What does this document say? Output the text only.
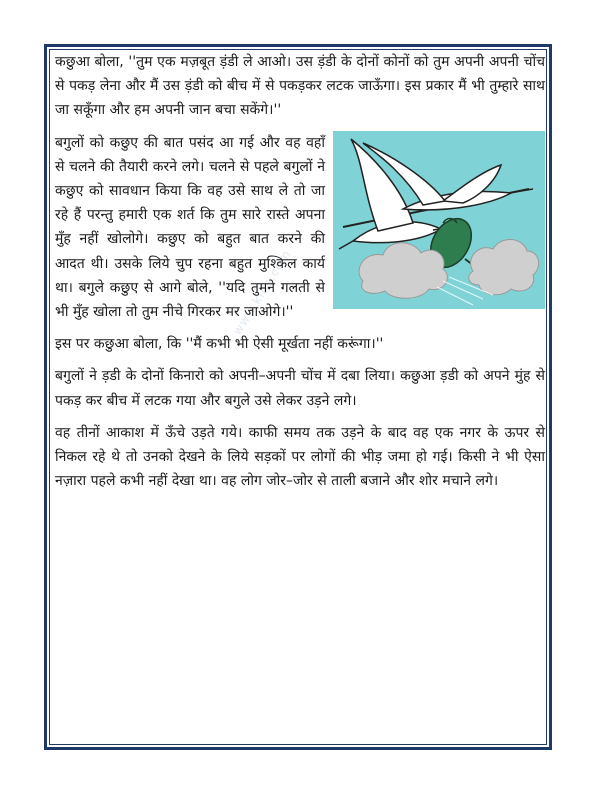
www.kids.com

कछुआ बोला, ''तुम एक मज़बूत ड़ंडी ले आओ। उस ड़ंडी के दोनों कोनों को तुम अपनी अपनी चोंच से पकड़ लेना और मैं उस ड़ंडी को बीच में से पकड़कर लटक जाऊँगा। इस प्रकार मैं भी तुम्हारे साथ जा सकूँगा और हम अपनी जान बचा सकेंगे।''

बगुलों को कछुए की बात पसंद आ गई और वह वहाँ से चलने की तैयारी करने लगे। चलने से पहले बगुलों ने कछुए को सावधान किया कि वह उसे साथ ले तो जा रहे हैं परन्तु हमारी एक शर्त कि तुम सारे रास्ते अपना मुँह नहीं खोलोगे। कछुए को बहुत बात करने की आदत थी। उसके लिये चुप रहना बहुत मुश्किल कार्य था। बगुले कछुए से आगे बोले, ''यदि तुमने गलती से भी मुँह खोला तो तुम नीचे गिरकर मर जाओगे।''

इस पर कछुआ बोला, कि ''मैं कभी भी ऐसी मूर्खता नहीं करूंगा।''

बगुलों ने ड़डी के दोनों किनारो को अपनी–अपनी चोंच में दबा लिया। कछुआ ड़डी को अपने मुंह से पकड़ कर बीच में लटक गया और बगुले उसे लेकर उड़ने लगे।

वह तीनों आकाश में ऊँचे उड़ते गये। काफी समय तक उड़ने के बाद वह एक नगर के ऊपर से निकल रहे थे तो उनको देखने के लिये सड़कों पर लोगों की भीड़ जमा हो गई। किसी ने भी ऐसा नज़ारा पहले कभी नहीं देखा था। वह लोग जोर–जोर से ताली बजाने और शोर मचाने लगे।
